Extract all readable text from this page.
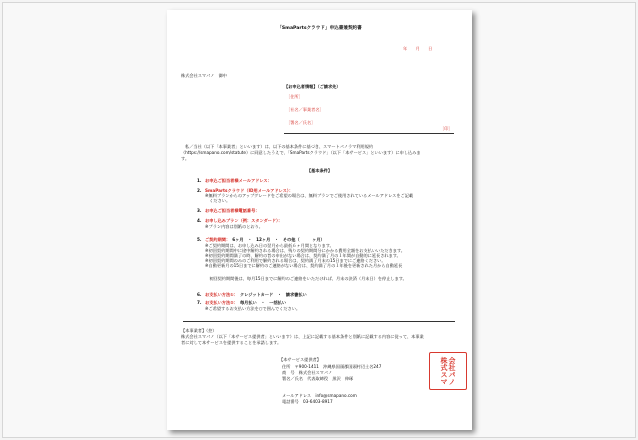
「SmaPartsクラウド」申込書兼契約書
年　　月　　日
株式会社スマパノ　御中
【お申込者情報】（ご請求先）
［住所］
［社名／事業者名］
［署名／氏名］
［印］
私／当社（以下「本事業者」といいます）は、以下の基本条件に基づき、スマートパノラマ利用規約
（https://smapano.com/statute）に同意したうえで、「SmaPartsクラウド」（以下「本サービス」といいます）に申し込みま
す。
【基本条件】
1. お申込ご担当者様メールアドレス：
2. SmaPartsクラウド（ID用メールアドレス）：
※無料プランからのアップグレードをご希望の場合は、無料プランでご使用されているメールアドレスをご記載
　ください。
3. お申込ご担当者様電話番号：
4. お申し込みプラン（例：スタンダード）：
※プラン内容は別紙のとおり。
5. ご契約期間：　6ヶ月　・　12ヶ月　・　その他（　　　ヶ月）
※ご契約期間は、お申し込み日の翌月から最低６ヶ月間となります。
※初回契約期間中に途中解約される場合は、残りの契約期間分にかかる費用全額をお支払いいただきます。
※初回契約期間満了の時、解約の旨の申出がない場合は、契約満了月の１年間が自動的に延長されます。
※初回契約期間のみのご利用で解約される場合は、契約満了月末の15日までにご連絡ください。
※自動更新月の15日までに解約のご連絡がない場合は、契約満了月の１年後を更新された月から自動延長
　初回契約期間後は、毎月15日までに解約のご連絡をいただければ、月末の決済（月末日）を停止します。
6. お支払い方法①：　クレジットカード　・　請求書払い
7. お支払い方法②：　毎月払い　・　一括払い
※ご希望するお支払い方法を○で囲んでください。
【本事業者】（控）
株式会社スマパノ（以下「本サービス提供者」といいます）は、上記に記載する基本条件と別紙に記載する内容に従って、本事業
者に対して本サービスを提供することを承諾します。
【本サービス提供者】
住所　 〒900-1411　沖縄県国頭郡国頭村辺土名247
商　号　 株式会社スマパノ
署名／氏名　 代表取締役　黒沢　伸琢
メールアドレス　 info@smapano.com
電話番号　 03-6403-8917
株式 会社
スマ パノ
